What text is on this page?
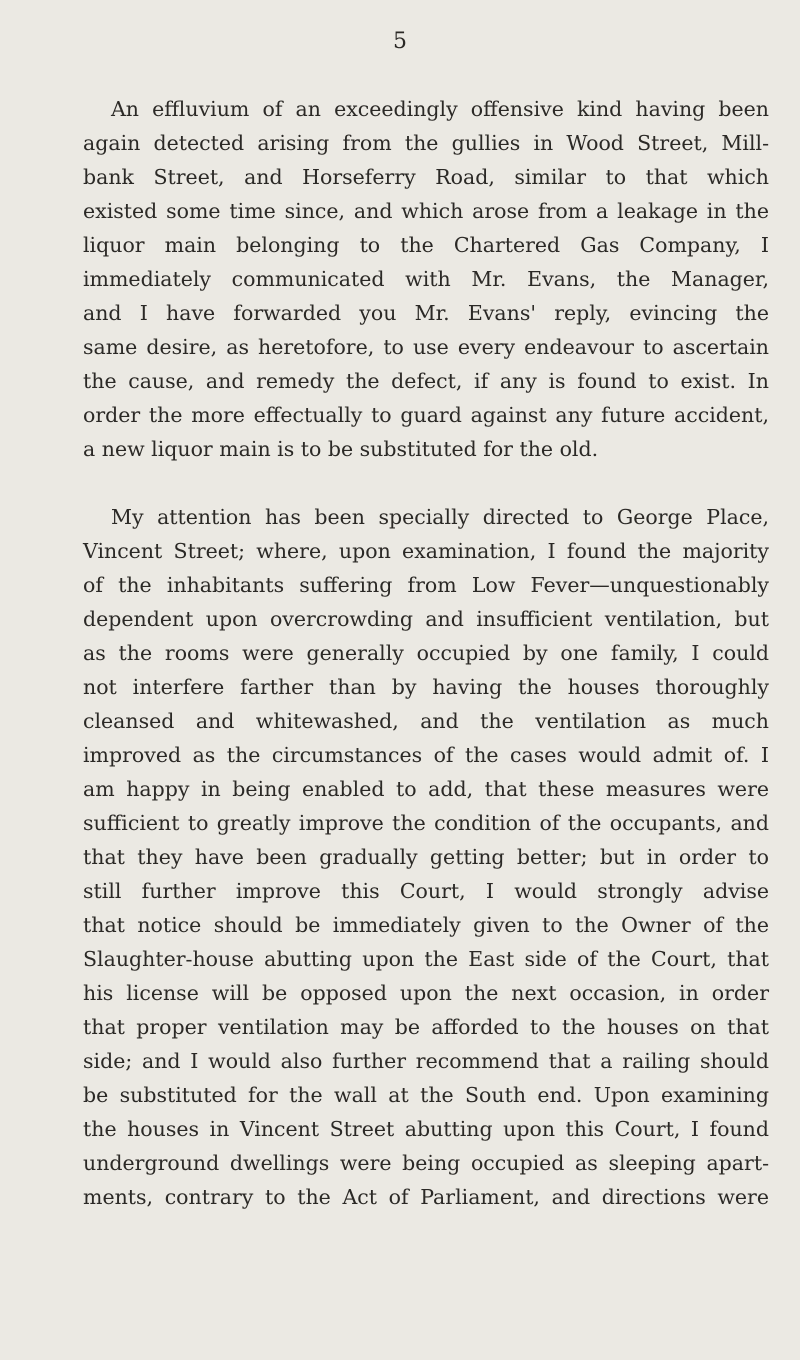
5
An effluvium of an exceedingly offensive kind having been
again detected arising from the gullies in Wood Street, Mill-
bank Street, and Horseferry Road, similar to that which
existed some time since, and which arose from a leakage in the
liquor main belonging to the Chartered Gas Company, I
immediately communicated with Mr. Evans, the Manager,
and I have forwarded you Mr. Evans' reply, evincing the
same desire, as heretofore, to use every endeavour to ascertain
the cause, and remedy the defect, if any is found to exist. In
order the more effectually to guard against any future accident,
a new liquor main is to be substituted for the old.
My attention has been specially directed to George Place,
Vincent Street; where, upon examination, I found the majority
of the inhabitants suffering from Low Fever—unquestionably
dependent upon overcrowding and insufficient ventilation, but
as the rooms were generally occupied by one family, I could
not interfere farther than by having the houses thoroughly
cleansed and whitewashed, and the ventilation as much
improved as the circumstances of the cases would admit of. I
am happy in being enabled to add, that these measures were
sufficient to greatly improve the condition of the occupants, and
that they have been gradually getting better; but in order to
still further improve this Court, I would strongly advise
that notice should be immediately given to the Owner of the
Slaughter-house abutting upon the East side of the Court, that
his license will be opposed upon the next occasion, in order
that proper ventilation may be afforded to the houses on that
side; and I would also further recommend that a railing should
be substituted for the wall at the South end. Upon examining
the houses in Vincent Street abutting upon this Court, I found
underground dwellings were being occupied as sleeping apart-
ments, contrary to the Act of Parliament, and directions were
